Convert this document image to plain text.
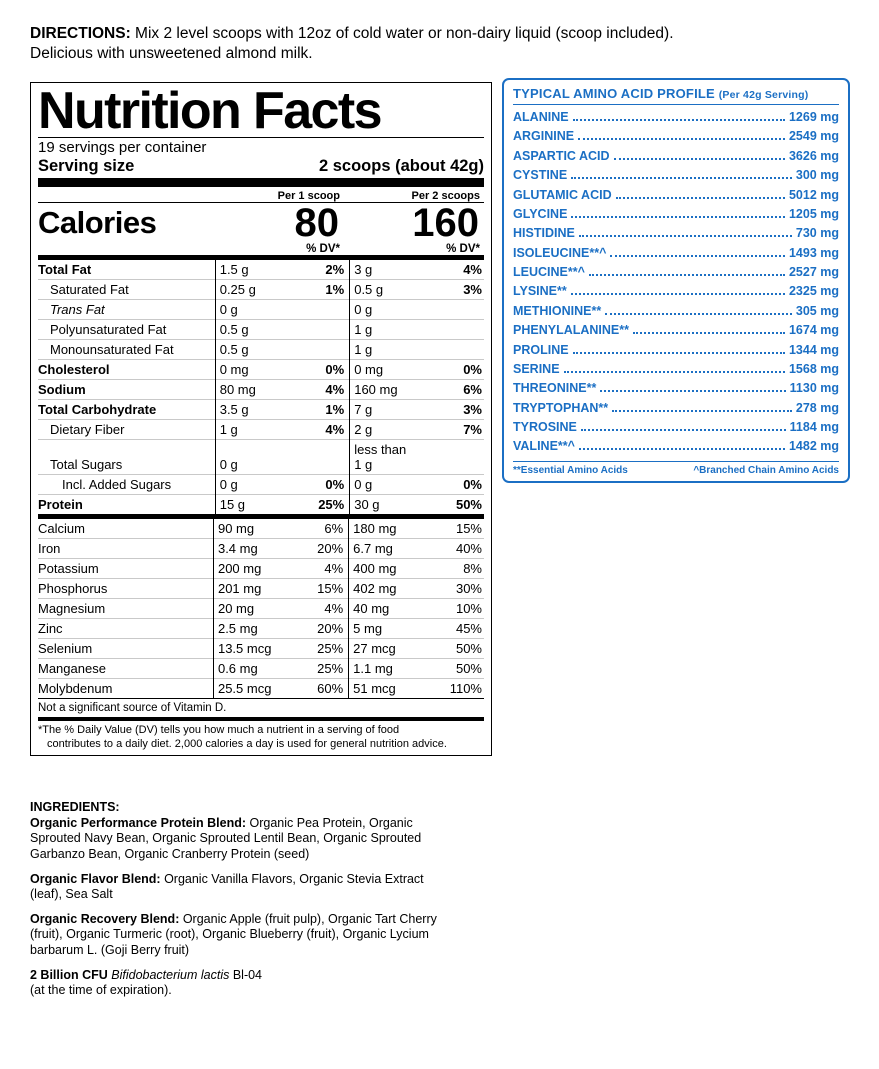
DIRECTIONS: Mix 2 level scoops with 12oz of cold water or non-dairy liquid (scoop included). Delicious with unsweetened almond milk.
Nutrition Facts
19 servings per container
Serving size	2 scoops (about 42g)
Per 1 scoop	Per 2 scoops
Calories	80	160
% DV*	% DV*
Total Fat	1.5 g	2%	3 g	4%
Saturated Fat	0.25 g	1%	0.5 g	3%
Trans Fat	0 g		0 g	
Polyunsaturated Fat	0.5 g		1 g	
Monounsaturated Fat	0.5 g		1 g	
Cholesterol	0 mg	0%	0 mg	0%
Sodium	80 mg	4%	160 mg	6%
Total Carbohydrate	3.5 g	1%	7 g	3%
Dietary Fiber	1 g	4%	2 g	7%
Total Sugars	0 g		less than 1 g	
Incl. Added Sugars	0 g	0%	0 g	0%
Protein	15 g	25%	30 g	50%
Calcium	90 mg	6%	180 mg	15%
Iron	3.4 mg	20%	6.7 mg	40%
Potassium	200 mg	4%	400 mg	8%
Phosphorus	201 mg	15%	402 mg	30%
Magnesium	20 mg	4%	40 mg	10%
Zinc	2.5 mg	20%	5 mg	45%
Selenium	13.5 mcg	25%	27 mcg	50%
Manganese	0.6 mg	25%	1.1 mg	50%
Molybdenum	25.5 mcg	60%	51 mcg	110%
Not a significant source of Vitamin D.
*The % Daily Value (DV) tells you how much a nutrient in a serving of food
contributes to a daily diet. 2,000 calories a day is used for general nutrition advice.
TYPICAL AMINO ACID PROFILE (Per 42g Serving)
ALANINE	1269 mg
ARGININE	2549 mg
ASPARTIC ACID	3626 mg
CYSTINE	300 mg
GLUTAMIC ACID	5012 mg
GLYCINE	1205 mg
HISTIDINE	730 mg
ISOLEUCINE**^	1493 mg
LEUCINE**^	2527 mg
LYSINE**	2325 mg
METHIONINE**	305 mg
PHENYLALANINE**	1674 mg
PROLINE	1344 mg
SERINE	1568 mg
THREONINE**	1130 mg
TRYPTOPHAN**	278 mg
TYROSINE	1184 mg
VALINE**^	1482 mg
**Essential Amino Acids	^Branched Chain Amino Acids
INGREDIENTS:

Organic Performance Protein Blend: Organic Pea Protein, Organic Sprouted Navy Bean, Organic Sprouted Lentil Bean, Organic Sprouted Garbanzo Bean, Organic Cranberry Protein (seed)

Organic Flavor Blend: Organic Vanilla Flavors, Organic Stevia Extract (leaf), Sea Salt

Organic Recovery Blend: Organic Apple (fruit pulp), Organic Tart Cherry (fruit), Organic Turmeric (root), Organic Blueberry (fruit), Organic Lycium barbarum L. (Goji Berry fruit)

2 Billion CFU Bifidobacterium lactis Bl-04
(at the time of expiration).
